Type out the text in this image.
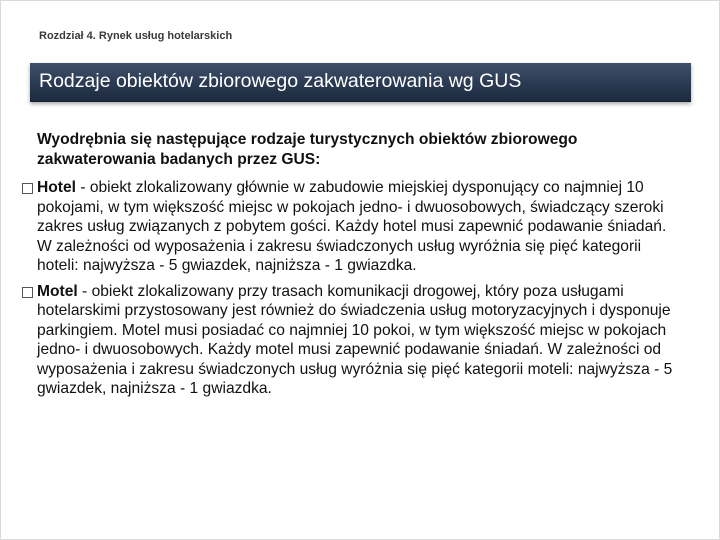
Rozdział 4. Rynek usług hotelarskich
Rodzaje obiektów zbiorowego zakwaterowania wg GUS
Wyodrębnia się następujące rodzaje turystycznych obiektów zbiorowego zakwaterowania badanych przez GUS:
Hotel - obiekt zlokalizowany głównie w zabudowie miejskiej dysponujący co najmniej 10 pokojami, w tym większość miejsc w pokojach jedno- i dwuosobowych, świadczący szeroki zakres usług związanych z pobytem gości. Każdy hotel musi zapewnić podawanie śniadań. W zależności od wyposażenia i zakresu świadczonych usług wyróżnia się pięć kategorii hoteli: najwyższa - 5 gwiazdek, najniższa - 1 gwiazdka.
Motel - obiekt zlokalizowany przy trasach komunikacji drogowej, który poza usługami hotelarskimi przystosowany jest również do świadczenia usług motoryzacyjnych i dysponuje parkingiem. Motel musi posiadać co najmniej 10 pokoi, w tym większość miejsc w pokojach jedno- i dwuosobowych. Każdy motel musi zapewnić podawanie śniadań. W zależności od wyposażenia i zakresu świadczonych usług wyróżnia się pięć kategorii moteli: najwyższa - 5 gwiazdek, najniższa - 1 gwiazdka.
